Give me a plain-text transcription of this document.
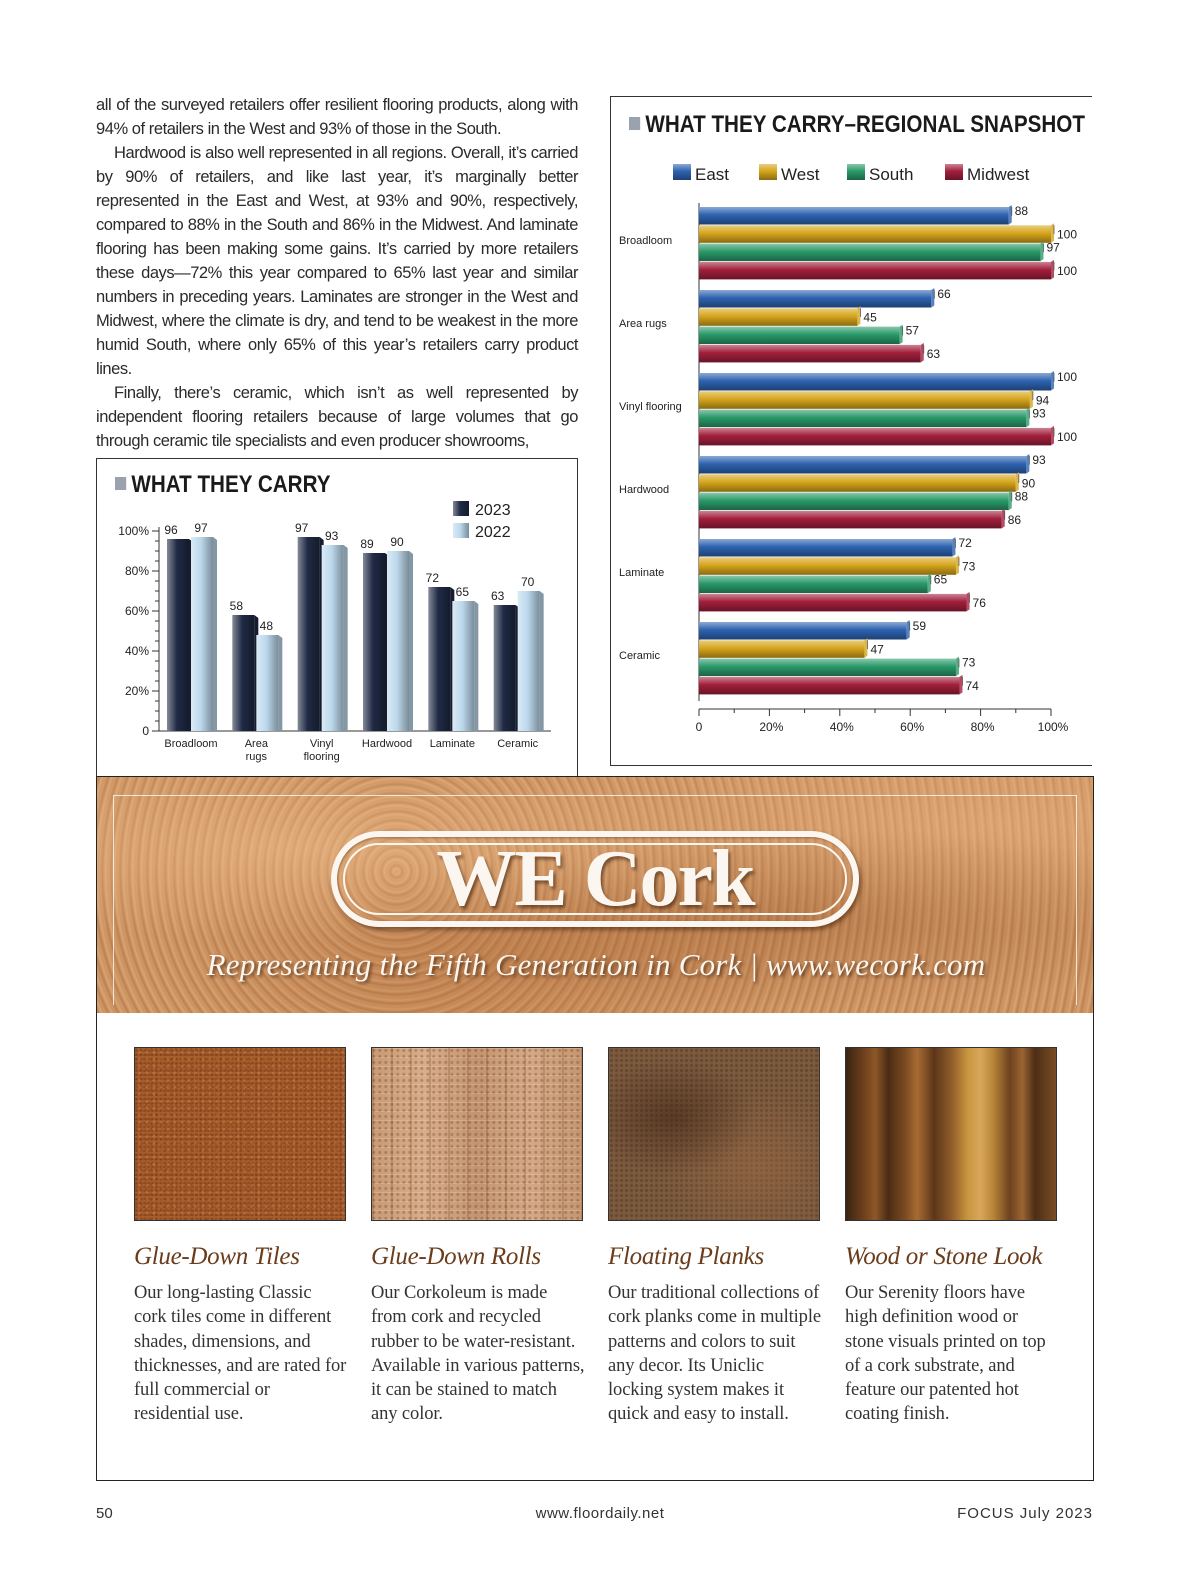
all of the surveyed retailers offer resilient flooring products, along with 94% of retailers in the West and 93% of those in the South.

Hardwood is also well represented in all regions. Overall, it’s carried by 90% of retailers, and like last year, it’s marginally better represented in the East and West, at 93% and 90%, respectively, compared to 88% in the South and 86% in the Midwest. And laminate flooring has been making some gains. It’s carried by more retailers these days—72% this year compared to 65% last year and similar numbers in preceding years. Laminates are stronger in the West and Midwest, where the climate is dry, and tend to be weakest in the more humid South, where only 65% of this year’s retailers carry product lines.

Finally, there’s ceramic, which isn’t as well represented by independent flooring retailers because of large volumes that go through ceramic tile specialists and even producer showrooms,

WHAT THEY CARRY
0
20%
40%
60%
80%
100% 96 97
Broadloom
58
48
Area
rugs
97
93
Vinyl
flooring
89 90
Hardwood
72
65
Laminate
63
70
Ceramic
2023
2022
WHAT THEY CARRY–REGIONAL SNAPSHOT
East	West	South	Midwest
0	20%	40%	60%	80%	100%
Broadloom
88
100
97
100
Area rugs
66
45
57
63
Vinyl flooring
100
94
93
100
Hardwood
93
90
88
86
Laminate
72
73
65
76
Ceramic
59
47
73
74
WE Cork
Representing the Fifth Generation in Cork | www.wecork.com
Glue-Down Tiles
Our long-lasting Classic cork tiles come in different shades, dimensions, and thicknesses, and are rated for full commercial or residential use.
Glue-Down Rolls
Our Corkoleum is made from cork and recycled rubber to be water-resistant. Available in various patterns, it can be stained to match any color.
Floating Planks
Our traditional collections of cork planks come in multiple patterns and colors to suit any decor. Its Uniclic locking system makes it quick and easy to install.
Wood or Stone Look
Our Serenity floors have high definition wood or stone visuals printed on top of a cork substrate, and feature our patented hot coating finish.
50	www.floordaily.net	FOCUS July 2023
